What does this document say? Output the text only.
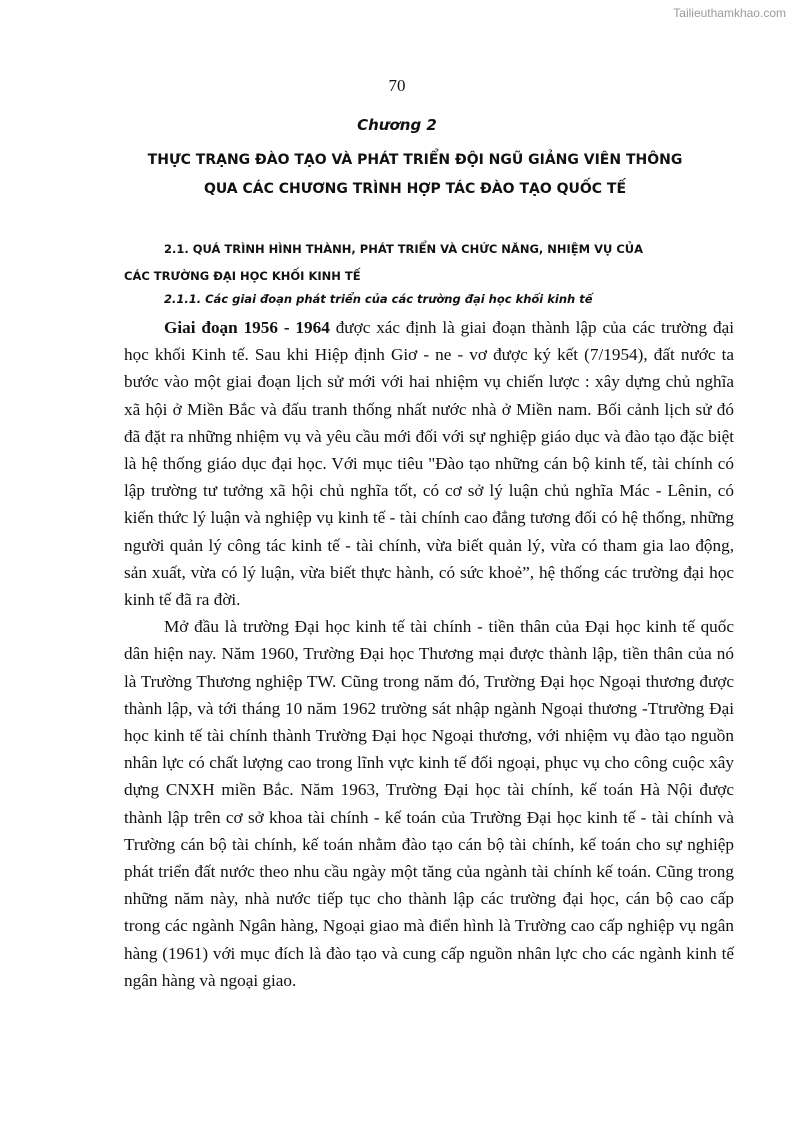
Tailieuthamkhao.com
70
Chương 2
THỰC TRẠNG ĐÀO TẠO VÀ PHÁT TRIỂN ĐỘI NGŨ GIẢNG VIÊN THÔNG
QUA CÁC CHƯƠNG TRÌNH HỢP TÁC ĐÀO TẠO QUỐC TẾ
2.1. QUÁ TRÌNH HÌNH THÀNH, PHÁT TRIỂN VÀ CHỨC NĂNG, NHIỆM VỤ CỦA
CÁC TRƯỜNG ĐẠI HỌC KHỐI KINH TẾ
2.1.1. Các giai đoạn phát triển của các trường đại học khối kinh tế

Giai đoạn 1956 - 1964 được xác định là giai đoạn thành lập của các trường đại học khối Kinh tế. Sau khi Hiệp định Giơ - ne - vơ được ký kết (7/1954), đất nước ta bước vào một giai đoạn lịch sử mới với hai nhiệm vụ chiến lược : xây dựng chủ nghĩa xã hội ở Miền Bắc và đấu tranh thống nhất nước nhà ở Miền nam. Bối cảnh lịch sử đó đã đặt ra những nhiệm vụ và yêu cầu mới đối với sự nghiệp giáo dục và đào tạo đặc biệt là hệ thống giáo dục đại học. Với mục tiêu "Đào tạo những cán bộ kinh tế, tài chính có lập trường tư tưởng xã hội chủ nghĩa tốt, có cơ sở lý luận chủ nghĩa Mác - Lênin, có kiến thức lý luận và nghiệp vụ kinh tế - tài chính cao đẳng tương đối có hệ thống, những người quản lý công tác kinh tế - tài chính, vừa biết quản lý, vừa có tham gia lao động, sản xuất, vừa có lý luận, vừa biết thực hành, có sức khoẻ”, hệ thống các trường đại học kinh tế đã ra đời.

Mở đầu là trường Đại học kinh tế tài chính - tiền thân của Đại học kinh tế quốc dân hiện nay. Năm 1960, Trường Đại học Thương mại được thành lập, tiền thân của nó là Trường Thương nghiệp TW. Cũng trong năm đó, Trường Đại học Ngoại thương được thành lập, và tới tháng 10 năm 1962 trường sát nhập ngành Ngoại thương -Ttrường Đại học kinh tế tài chính thành Trường Đại học Ngoại thương, với nhiệm vụ đào tạo nguồn nhân lực có chất lượng cao trong lĩnh vực kinh tế đối ngoại, phục vụ cho công cuộc xây dựng CNXH miền Bắc. Năm 1963, Trường Đại học tài chính, kế toán Hà Nội được thành lập trên cơ sở khoa tài chính - kế toán của Trường Đại học kinh tế - tài chính và Trường cán bộ tài chính, kế toán nhằm đào tạo cán bộ tài chính, kế toán cho sự nghiệp phát triển đất nước theo nhu cầu ngày một tăng của ngành tài chính kế toán. Cũng trong những năm này, nhà nước tiếp tục cho thành lập các trường đại học, cán bộ cao cấp trong các ngành Ngân hàng, Ngoại giao mà điển hình là Trường cao cấp nghiệp vụ ngân hàng (1961) với mục đích là đào tạo và cung cấp nguồn nhân lực cho các ngành kinh tế ngân hàng và ngoại giao.
